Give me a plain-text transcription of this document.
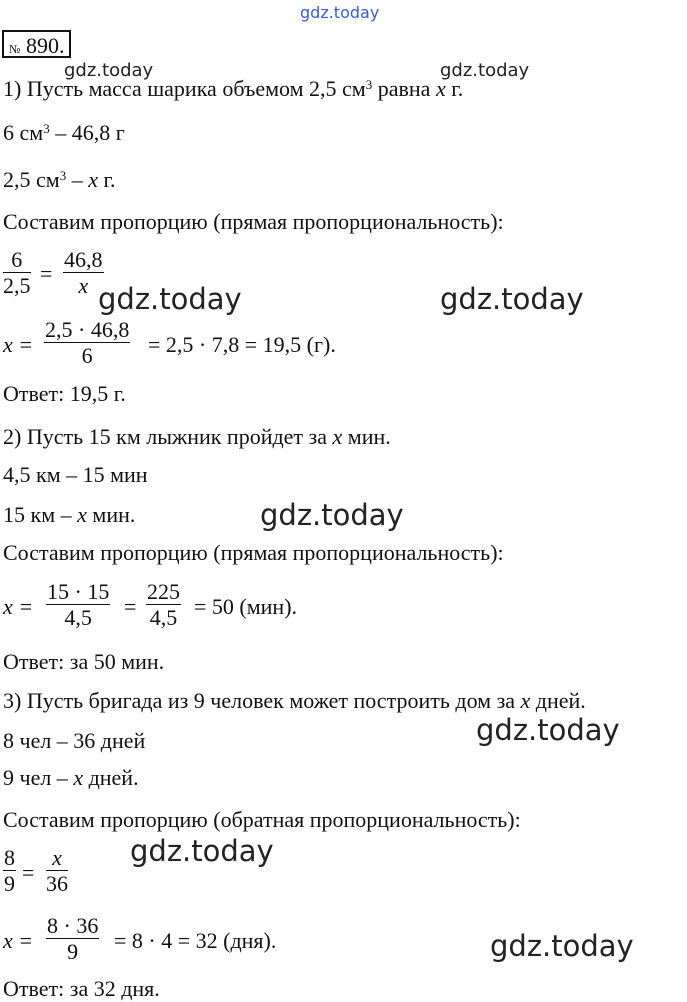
gdz.today
gdz.today	gdz.today
gdz.today	gdz.today
gdz.today
gdz.today
gdz.today
gdz.today
№ 890.
1) Пусть масса шарика объемом 2,5 $см^3$ равна x г.
6 $см^3 - 46,8$ г
2,5 $см^3$ – x г.
Составим пропорцию (прямая пропорциональность):
$\frac{6}{2,5} = \frac{46,8}{x}$
$x = \frac{2,5 \cdot 46,8}{6} = 2,5 \cdot 7,8 = 19,5$ (г).
Ответ: 19,5 г.
2) Пусть 15 км лыжник пройдет за x мин.
4,5 км – 15 мин
15 км – x мин.
Составим пропорцию (прямая пропорциональность):
$x = \frac{15 \cdot 15}{4,5} = \frac{225}{4,5} = 50$ (мин).
Ответ: за 50 мин.
3) Пусть бригада из 9 человек может построить дом за x дней.
8 чел – 36 дней
9 чел – x дней.
Составим пропорцию (обратная пропорциональность):
$\frac{8}{9} = \frac{x}{36}$
$x = \frac{8 \cdot 36}{9} = 8 \cdot 4 = 32$ (дня).
Ответ: за 32 дня.
